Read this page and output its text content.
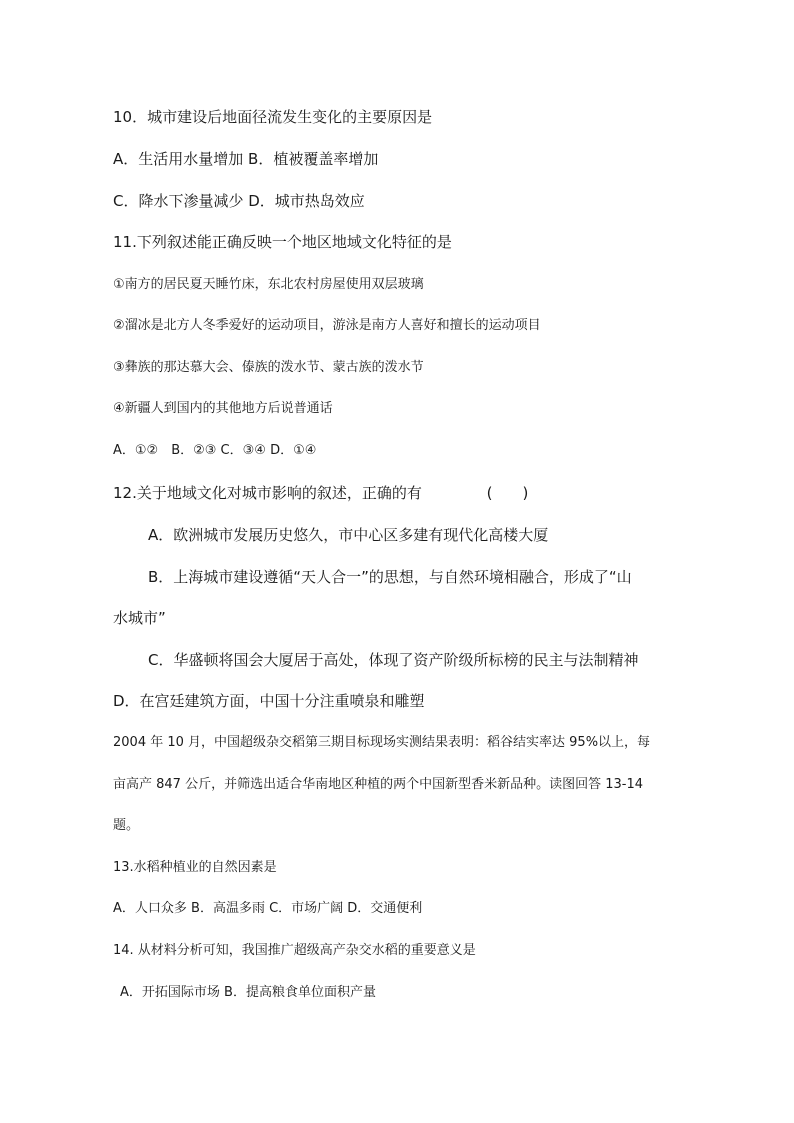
10．城市建设后地面径流发生变化的主要原因是
A．生活用水量增加 B．植被覆盖率增加
C．降水下渗量减少 D．城市热岛效应
11.下列叙述能正确反映一个地区地域文化特征的是
①南方的居民夏天睡竹床，东北农村房屋使用双层玻璃
②溜冰是北方人冬季爱好的运动项目，游泳是南方人喜好和擅长的运动项目
③彝族的那达慕大会、傣族的泼水节、蒙古族的泼水节
④新疆人到国内的其他地方后说普通话
A．①②　B．②③ C．③④ D．①④
12.关于地域文化对城市影响的叙述，正确的有	(　　)
A．欧洲城市发展历史悠久，市中心区多建有现代化高楼大厦
B．上海城市建设遵循“天人合一”的思想，与自然环境相融合，形成了“山
水城市”
C．华盛顿将国会大厦居于高处，体现了资产阶级所标榜的民主与法制精神
D．在宫廷建筑方面，中国十分注重喷泉和雕塑
2004 年 10 月，中国超级杂交稻第三期目标现场实测结果表明：稻谷结实率达 95%以上，每
亩高产 847 公斤，并筛选出适合华南地区种植的两个中国新型香米新品种。读图回答 13-14
题。
13.水稻种植业的自然因素是
A．人口众多 B．高温多雨 C．市场广阔 D．交通便利
14. 从材料分析可知，我国推广超级高产杂交水稻的重要意义是
A．开拓国际市场 B．提高粮食单位面积产量
